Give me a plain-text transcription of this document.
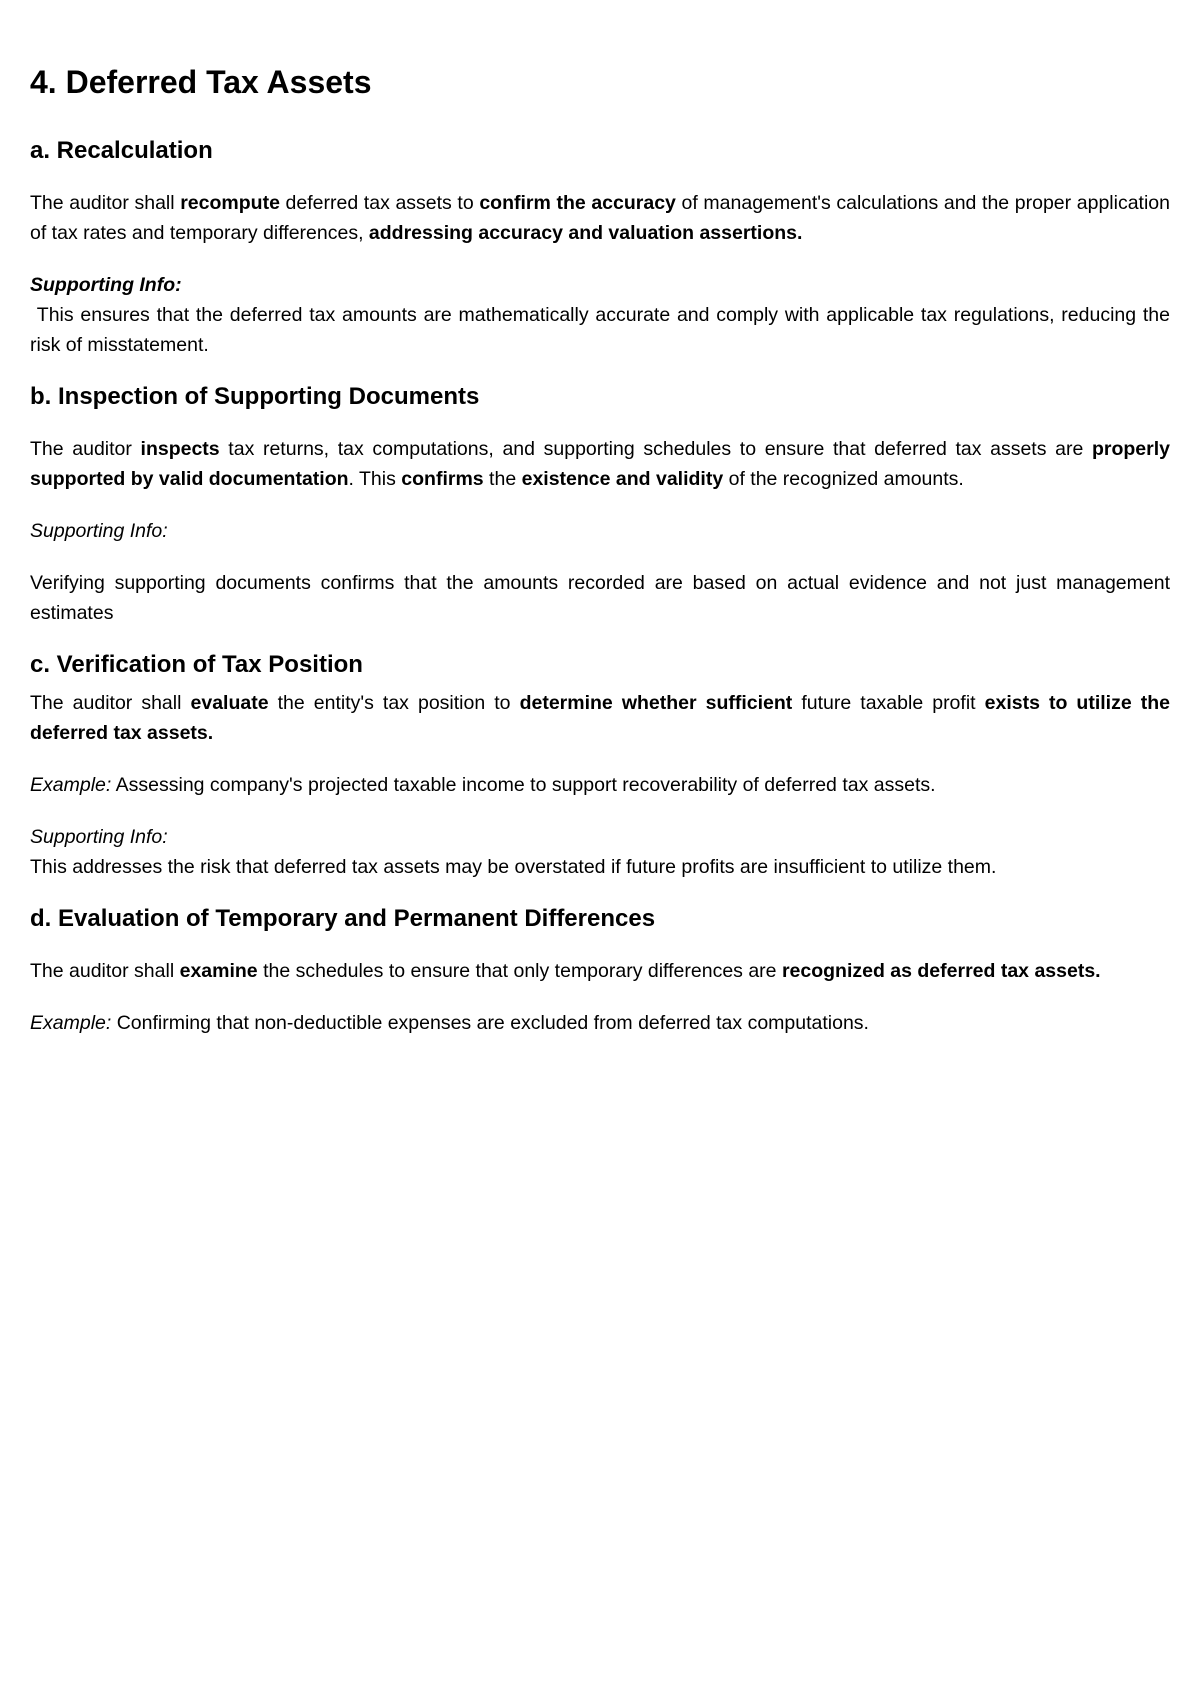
4. Deferred Tax Assets
a. Recalculation

The auditor shall recompute deferred tax assets to confirm the accuracy of management's calculations and the proper application of tax rates and temporary differences, addressing accuracy and valuation assertions.

Supporting Info:

This ensures that the deferred tax amounts are mathematically accurate and comply with applicable tax regulations, reducing the risk of misstatement.

b. Inspection of Supporting Documents

The auditor inspects tax returns, tax computations, and supporting schedules to ensure that deferred tax assets are properly supported by valid documentation. This confirms the existence and validity of the recognized amounts.

Supporting Info:

Verifying supporting documents confirms that the amounts recorded are based on actual evidence and not just management estimates

c. Verification of Tax Position

The auditor shall evaluate the entity's tax position to determine whether sufficient future taxable profit exists to utilize the deferred tax assets.

Example: Assessing company's projected taxable income to support recoverability of deferred tax assets.

Supporting Info:

This addresses the risk that deferred tax assets may be overstated if future profits are insufficient to utilize them.

d. Evaluation of Temporary and Permanent Differences

The auditor shall examine the schedules to ensure that only temporary differences are recognized as deferred tax assets.

Example: Confirming that non-deductible expenses are excluded from deferred tax computations.
